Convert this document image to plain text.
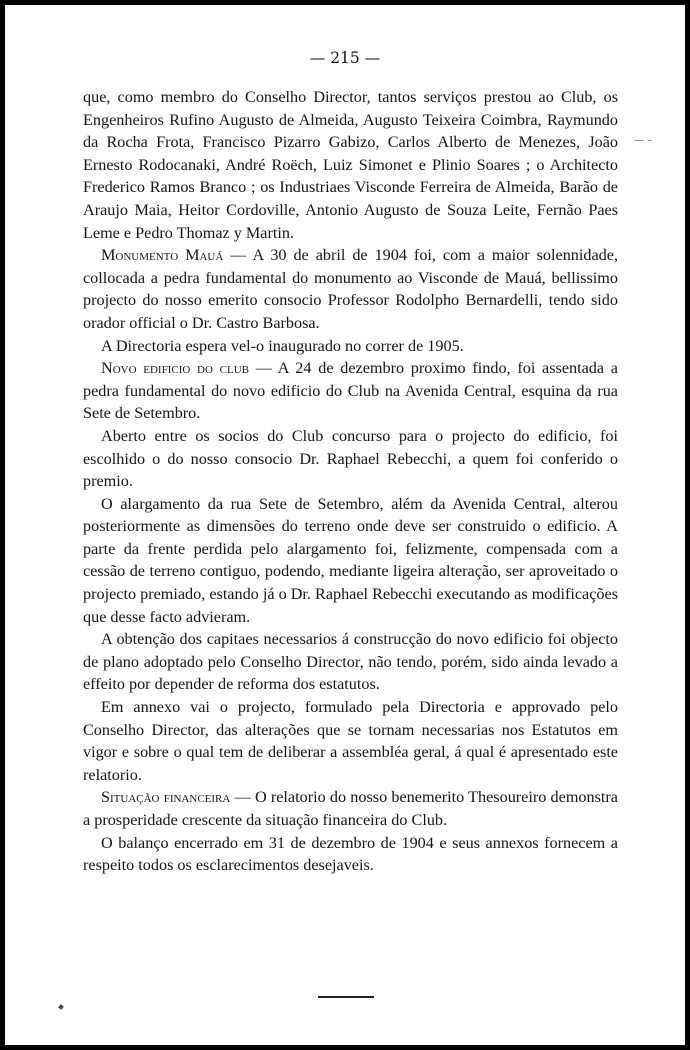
— 215 —
— –

que, como membro do Conselho Director, tantos serviços prestou ao Club, os Engenheiros Rufino Augusto de Almeida, Augusto Teixeira Coimbra, Raymundo da Rocha Frota, Francisco Pizarro Gabizo, Carlos Alberto de Menezes, João Ernesto Rodocanaki, André Roëch, Luiz Simonet e Plinio Soares ; o Architecto Frederico Ramos Branco ; os Industriaes Visconde Ferreira de Almeida, Barão de Araujo Maia, Heitor Cordoville, Antonio Augusto de Souza Leite, Fernão Paes Leme e Pedro Thomaz y Martin.

Monumento Mauá — A 30 de abril de 1904 foi, com a maior solennidade, collocada a pedra fundamental do monumento ao Visconde de Mauá, bellissimo projecto do nosso emerito consocio Professor Rodolpho Bernardelli, tendo sido orador official o Dr. Castro Barbosa.

A Directoria espera vel-o inaugurado no correr de 1905.

Novo edificio do club — A 24 de dezembro proximo findo, foi assentada a pedra fundamental do novo edificio do Club na Avenida Central, esquina da rua Sete de Setembro.

Aberto entre os socios do Club concurso para o projecto do edificio, foi escolhido o do nosso consocio Dr. Raphael Rebecchi, a quem foi conferido o premio.

O alargamento da rua Sete de Setembro, além da Avenida Central, alterou posteriormente as dimensões do terreno onde deve ser construido o edificio. A parte da frente perdida pelo alargamento foi, felizmente, compensada com a cessão de terreno contiguo, podendo, mediante ligeira alteração, ser aproveitado o projecto premiado, estando já o Dr. Raphael Rebecchi executando as modificações que desse facto advieram.

A obtenção dos capitaes necessarios á construcção do novo edificio foi objecto de plano adoptado pelo Conselho Director, não tendo, porém, sido ainda levado a effeito por depender de reforma dos estatutos.

Em annexo vai o projecto, formulado pela Directoria e approvado pelo Conselho Director, das alterações que se tornam necessarias nos Estatutos em vigor e sobre o qual tem de deliberar a assembléa geral, á qual é apresentado este relatorio.

Situação financeira — O relatorio do nosso benemerito Thesoureiro demonstra a prosperidade crescente da situação financeira do Club.

O balanço encerrado em 31 de dezembro de 1904 e seus annexos fornecem a respeito todos os esclarecimentos desejaveis.
